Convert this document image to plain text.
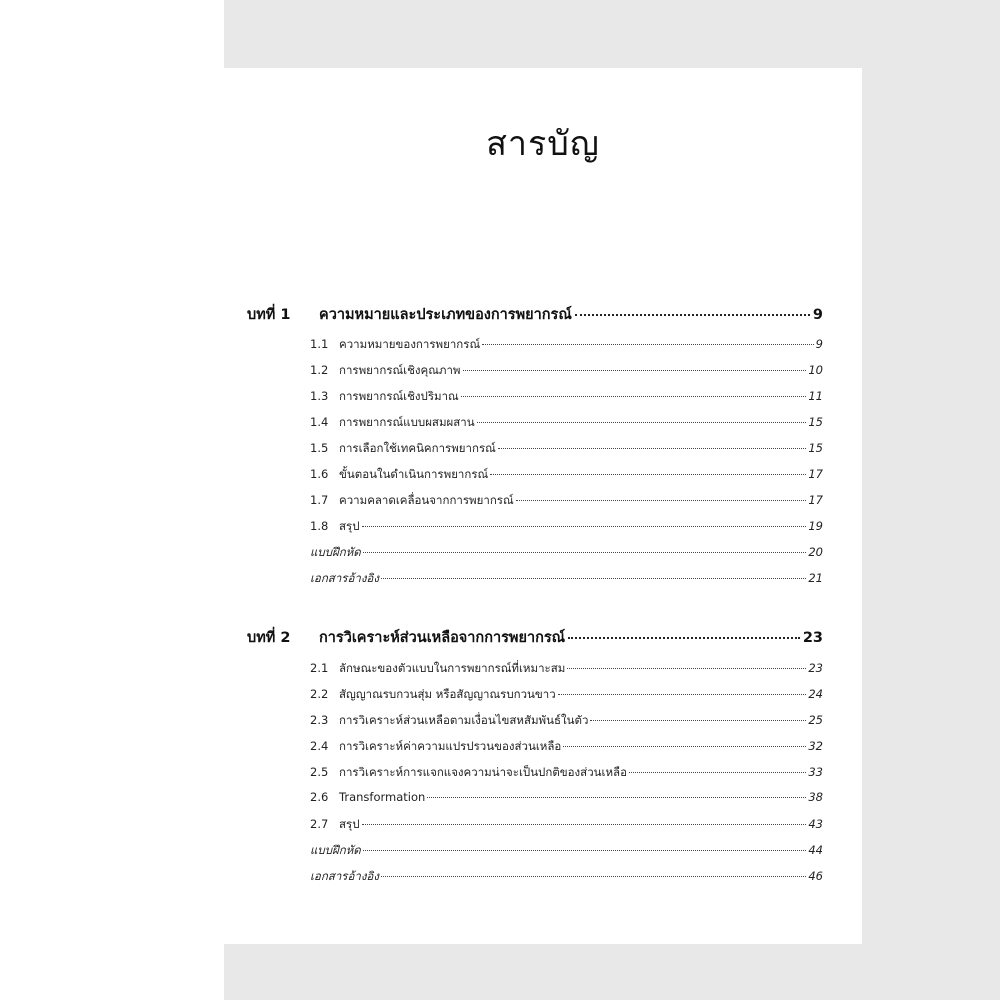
สารบัญ
บทที่ 1	ความหมายและประเภทของการพยากรณ์	9
1.1 ความหมายของการพยากรณ์	9
1.2 การพยากรณ์เชิงคุณภาพ	10
1.3 การพยากรณ์เชิงปริมาณ	11
1.4 การพยากรณ์แบบผสมผสาน	15
1.5 การเลือกใช้เทคนิคการพยากรณ์	15
1.6 ขั้นตอนในดำเนินการพยากรณ์	17
1.7 ความคลาดเคลื่อนจากการพยากรณ์	17
1.8 สรุป	19
แบบฝึกหัด	20
เอกสารอ้างอิง	21
บทที่ 2	การวิเคราะห์ส่วนเหลือจากการพยากรณ์	23
2.1 ลักษณะของตัวแบบในการพยากรณ์ที่เหมาะสม	23
2.2 สัญญาณรบกวนสุ่ม หรือสัญญาณรบกวนขาว	24
2.3 การวิเคราะห์ส่วนเหลือตามเงื่อนไขสหสัมพันธ์ในตัว	25
2.4 การวิเคราะห์ค่าความแปรปรวนของส่วนเหลือ	32
2.5 การวิเคราะห์การแจกแจงความน่าจะเป็นปกติของส่วนเหลือ	33
2.6 Transformation	38
2.7 สรุป	43
แบบฝึกหัด	44
เอกสารอ้างอิง	46
